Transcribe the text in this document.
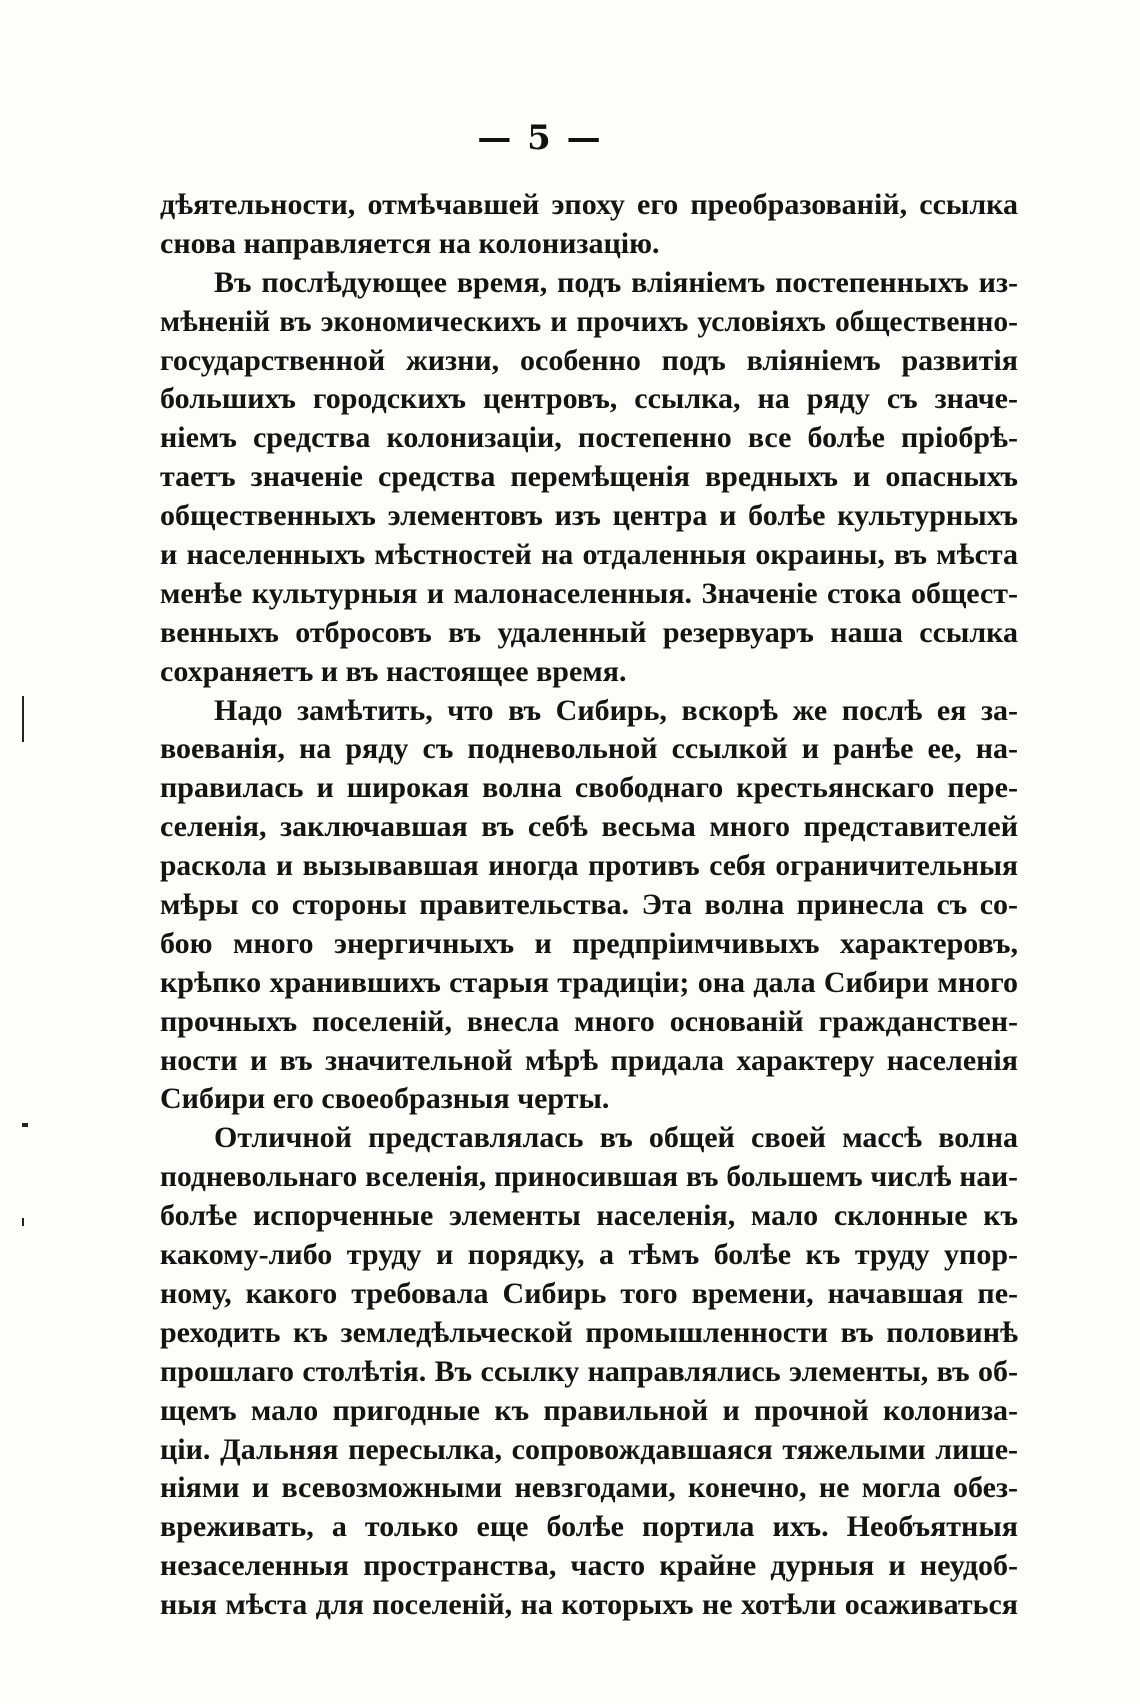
— 5 —
дѣятельности, отмѣчавшей эпоху его преобразованій, ссылка
снова направляется на колонизацію.
Въ послѣдующее время, подъ вліяніемъ постепенныхъ из-
мѣненій въ экономическихъ и прочихъ условіяхъ общественно-
государственной жизни, особенно подъ вліяніемъ развитія
большихъ городскихъ центровъ, ссылка, на ряду съ значе-
ніемъ средства колонизаціи, постепенно все болѣе пріобрѣ-
таетъ значеніе средства перемѣщенія вредныхъ и опасныхъ
общественныхъ элементовъ изъ центра и болѣе культурныхъ
и населенныхъ мѣстностей на отдаленныя окраины, въ мѣста
менѣе культурныя и малонаселенныя. Значеніе стока общест-
венныхъ отбросовъ въ удаленный резервуаръ наша ссылка
сохраняетъ и въ настоящее время.
Надо замѣтить, что въ Сибирь, вскорѣ же послѣ ея за-
воеванія, на ряду съ подневольной ссылкой и ранѣе ее, на-
правилась и широкая волна свободнаго крестьянскаго пере-
селенія, заключавшая въ себѣ весьма много представителей
раскола и вызывавшая иногда противъ себя ограничительныя
мѣры со стороны правительства. Эта волна принесла съ со-
бою много энергичныхъ и предпріимчивыхъ характеровъ,
крѣпко хранившихъ старыя традиціи; она дала Сибири много
прочныхъ поселеній, внесла много основаній гражданствен-
ности и въ значительной мѣрѣ придала характеру населенія
Сибири его своеобразныя черты.
Отличной представлялась въ общей своей массѣ волна
подневольнаго вселенія, приносившая въ большемъ числѣ наи-
болѣе испорченные элементы населенія, мало склонные къ
какому-либо труду и порядку, а тѣмъ болѣе къ труду упор-
ному, какого требовала Сибирь того времени, начавшая пе-
реходить къ земледѣльческой промышленности въ половинѣ
прошлаго столѣтія. Въ ссылку направлялись элементы, въ об-
щемъ мало пригодные къ правильной и прочной колониза-
ціи. Дальняя пересылка, сопровождавшаяся тяжелыми лише-
ніями и всевозможными невзгодами, конечно, не могла обез-
вреживать, а только еще болѣе портила ихъ. Необъятныя
незаселенныя пространства, часто крайне дурныя и неудоб-
ныя мѣста для поселеній, на которыхъ не хотѣли осаживаться
